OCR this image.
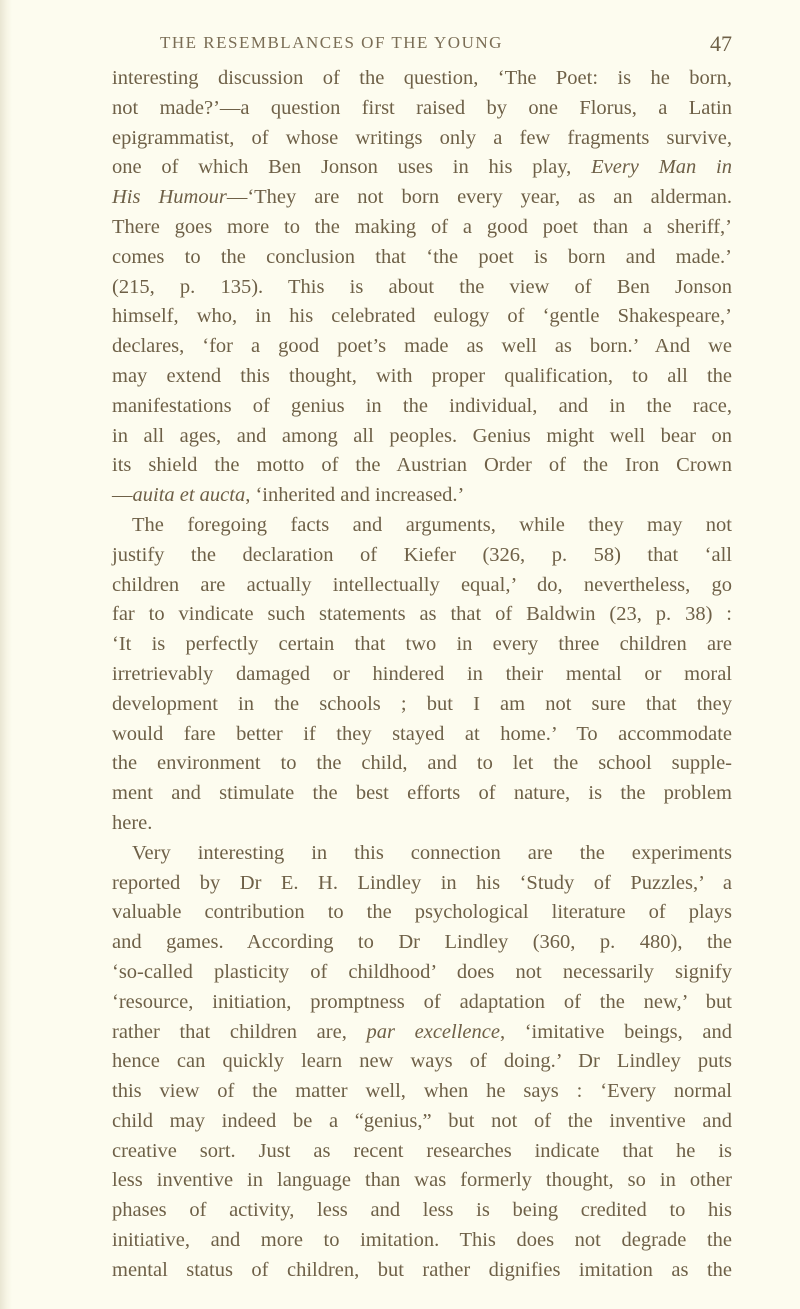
THE RESEMBLANCES OF THE YOUNG	47
interesting discussion of the question, ‘The Poet: is he born,
not made?’—a question first raised by one Florus, a Latin
epigrammatist, of whose writings only a few fragments survive,
one of which Ben Jonson uses in his play, Every Man in
His Humour—‘They are not born every year, as an alderman.
There goes more to the making of a good poet than a sheriff,’
comes to the conclusion that ‘the poet is born and made.’
(215, p. 135). This is about the view of Ben Jonson
himself, who, in his celebrated eulogy of ‘gentle Shakespeare,’
declares, ‘for a good poet’s made as well as born.’ And we
may extend this thought, with proper qualification, to all the
manifestations of genius in the individual, and in the race,
in all ages, and among all peoples. Genius might well bear on
its shield the motto of the Austrian Order of the Iron Crown
—auita et aucta, ‘inherited and increased.’
The foregoing facts and arguments, while they may not
justify the declaration of Kiefer (326, p. 58) that ‘all
children are actually intellectually equal,’ do, nevertheless, go
far to vindicate such statements as that of Baldwin (23, p. 38) :
‘It is perfectly certain that two in every three children are
irretrievably damaged or hindered in their mental or moral
development in the schools ; but I am not sure that they
would fare better if they stayed at home.’ To accommodate
the environment to the child, and to let the school supple-
ment and stimulate the best efforts of nature, is the problem
here.
Very interesting in this connection are the experiments
reported by Dr E. H. Lindley in his ‘Study of Puzzles,’ a
valuable contribution to the psychological literature of plays
and games. According to Dr Lindley (360, p. 480), the
‘so-called plasticity of childhood’ does not necessarily signify
‘resource, initiation, promptness of adaptation of the new,’ but
rather that children are, par excellence, ‘imitative beings, and
hence can quickly learn new ways of doing.’ Dr Lindley puts
this view of the matter well, when he says : ‘Every normal
child may indeed be a “genius,” but not of the inventive and
creative sort. Just as recent researches indicate that he is
less inventive in language than was formerly thought, so in other
phases of activity, less and less is being credited to his
initiative, and more to imitation. This does not degrade the
mental status of children, but rather dignifies imitation as the
